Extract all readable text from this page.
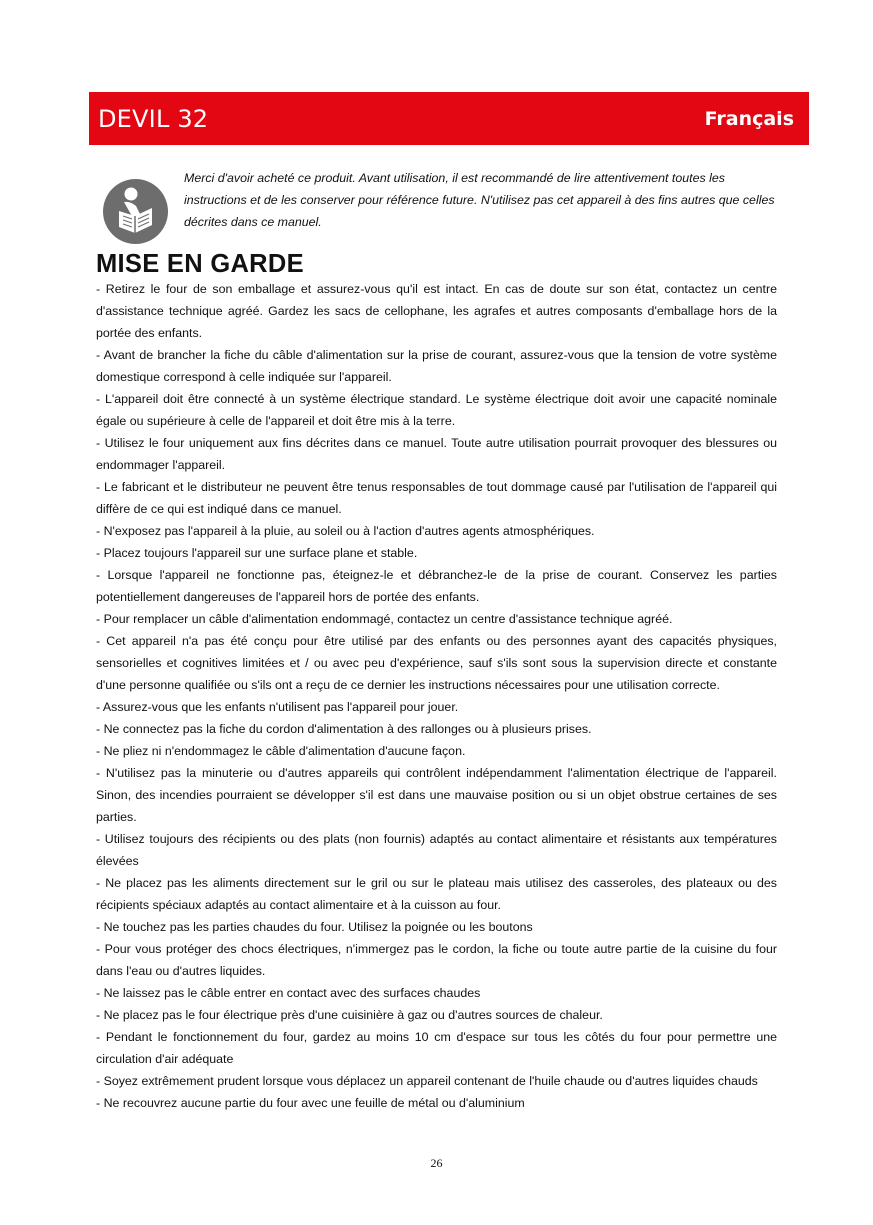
DEVIL 32	Français

Merci d'avoir acheté ce produit. Avant utilisation, il est recommandé de lire attentivement toutes les instructions et de les conserver pour référence future. N'utilisez pas cet appareil à des fins autres que celles décrites dans ce manuel.

MISE EN GARDE

- Retirez le four de son emballage et assurez-vous qu'il est intact. En cas de doute sur son état, contactez un centre d'assistance technique agréé. Gardez les sacs de cellophane, les agrafes et autres composants d'emballage hors de la portée des enfants.

- Avant de brancher la fiche du câble d'alimentation sur la prise de courant, assurez-vous que la tension de votre système domestique correspond à celle indiquée sur l'appareil.

- L'appareil doit être connecté à un système électrique standard. Le système électrique doit avoir une capacité nominale égale ou supérieure à celle de l'appareil et doit être mis à la terre.

- Utilisez le four uniquement aux fins décrites dans ce manuel. Toute autre utilisation pourrait provoquer des blessures ou endommager l'appareil.

- Le fabricant et le distributeur ne peuvent être tenus responsables de tout dommage causé par l'utilisation de l'appareil qui diffère de ce qui est indiqué dans ce manuel.

- N'exposez pas l'appareil à la pluie, au soleil ou à l'action d'autres agents atmosphériques.

- Placez toujours l'appareil sur une surface plane et stable.

- Lorsque l'appareil ne fonctionne pas, éteignez-le et débranchez-le de la prise de courant. Conservez les parties potentiellement dangereuses de l'appareil hors de portée des enfants.

- Pour remplacer un câble d'alimentation endommagé, contactez un centre d'assistance technique agréé.

- Cet appareil n'a pas été conçu pour être utilisé par des enfants ou des personnes ayant des capacités physiques, sensorielles et cognitives limitées et / ou avec peu d'expérience, sauf s'ils sont sous la supervision directe et constante d'une personne qualifiée ou s'ils ont a reçu de ce dernier les instructions nécessaires pour une utilisation correcte.

- Assurez-vous que les enfants n'utilisent pas l'appareil pour jouer.

- Ne connectez pas la fiche du cordon d'alimentation à des rallonges ou à plusieurs prises.

- Ne pliez ni n'endommagez le câble d'alimentation d'aucune façon.

- N'utilisez pas la minuterie ou d'autres appareils qui contrôlent indépendamment l'alimentation électrique de l'appareil. Sinon, des incendies pourraient se développer s'il est dans une mauvaise position ou si un objet obstrue certaines de ses parties.

- Utilisez toujours des récipients ou des plats (non fournis) adaptés au contact alimentaire et résistants aux températures élevées

- Ne placez pas les aliments directement sur le gril ou sur le plateau mais utilisez des casseroles, des plateaux ou des récipients spéciaux adaptés au contact alimentaire et à la cuisson au four.

- Ne touchez pas les parties chaudes du four. Utilisez la poignée ou les boutons

- Pour vous protéger des chocs électriques, n'immergez pas le cordon, la fiche ou toute autre partie de la cuisine du four dans l'eau ou d'autres liquides.

- Ne laissez pas le câble entrer en contact avec des surfaces chaudes

- Ne placez pas le four électrique près d'une cuisinière à gaz ou d'autres sources de chaleur.

- Pendant le fonctionnement du four, gardez au moins 10 cm d'espace sur tous les côtés du four pour permettre une circulation d'air adéquate

- Soyez extrêmement prudent lorsque vous déplacez un appareil contenant de l'huile chaude ou d'autres liquides chauds

- Ne recouvrez aucune partie du four avec une feuille de métal ou d'aluminium

26
